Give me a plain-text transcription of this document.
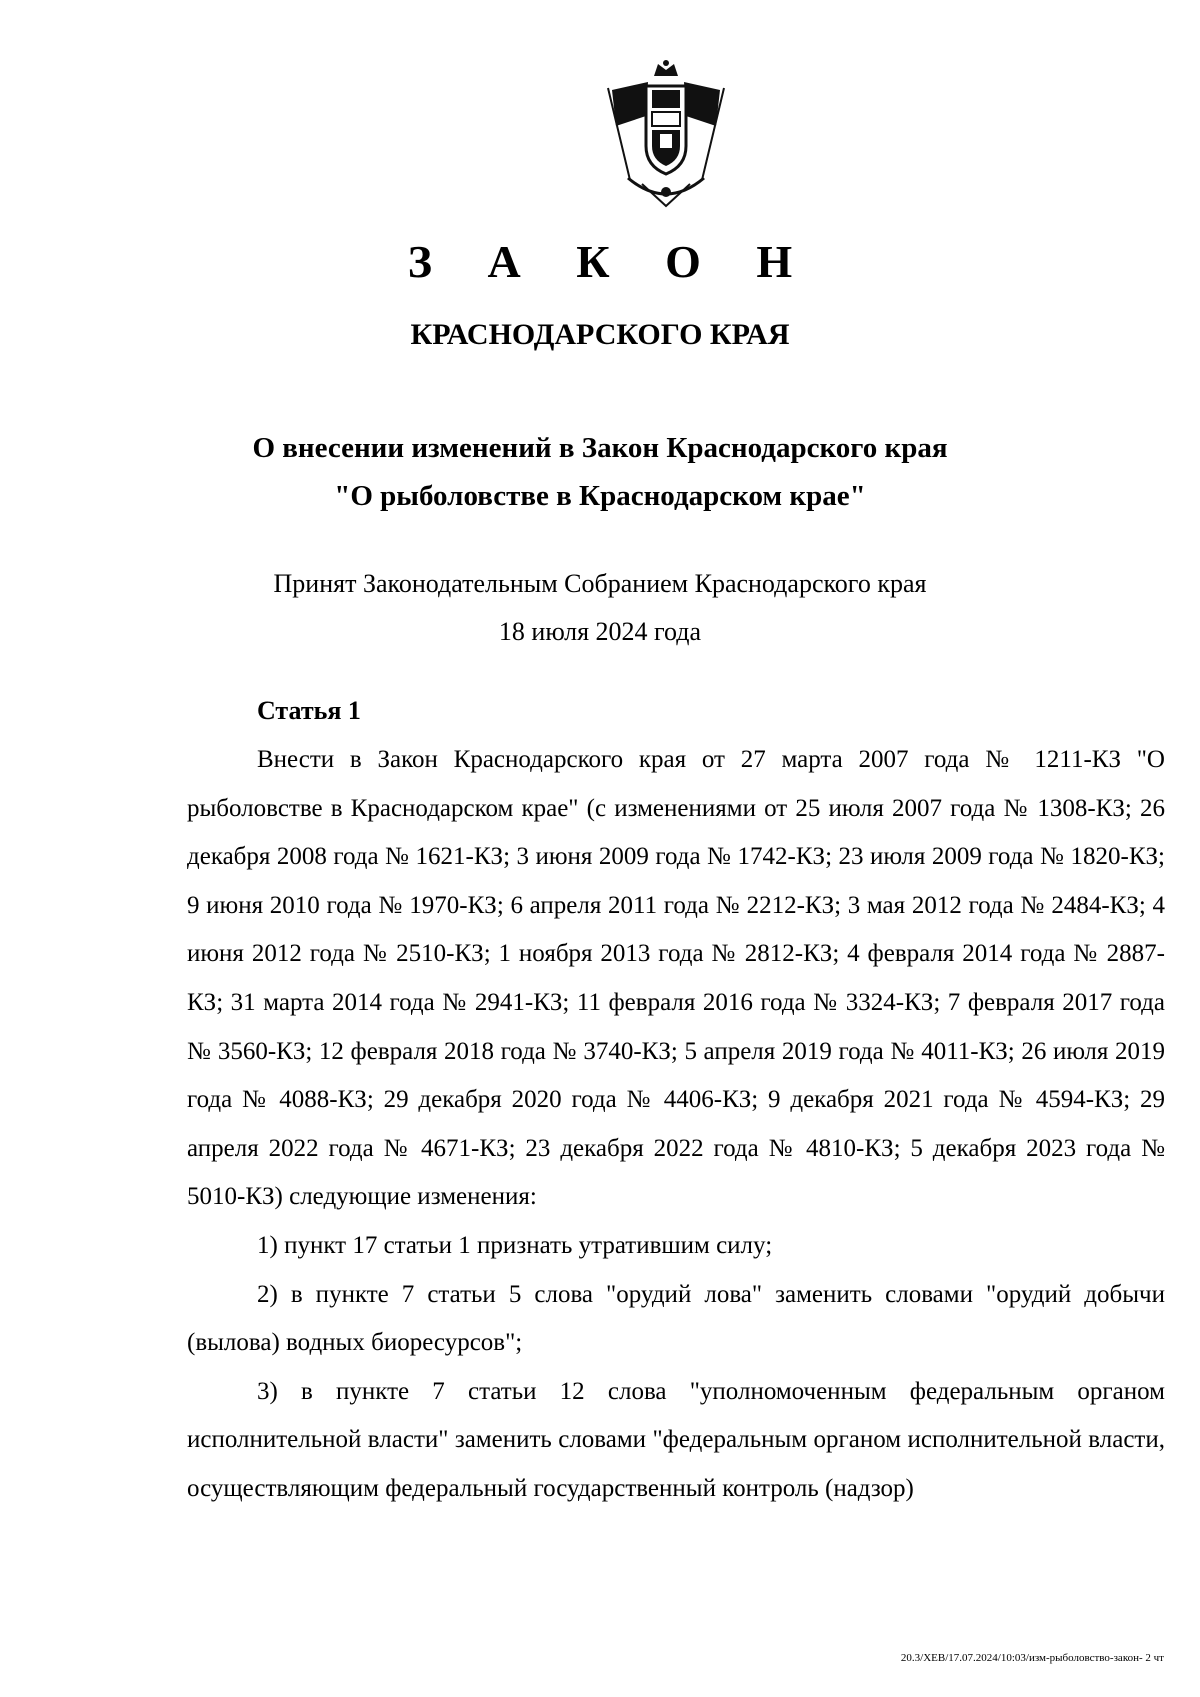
З А К О Н
КРАСНОДАРСКОГО КРАЯ
О внесении изменений в Закон Краснодарского края
"О рыболовстве в Краснодарском крае"
Принят Законодательным Собранием Краснодарского края
18 июля 2024 года
Статья 1

Внести в Закон Краснодарского края от 27 марта 2007 года № 1211-КЗ "О рыболовстве в Краснодарском крае" (с изменениями от 25 июля 2007 года № 1308-КЗ; 26 декабря 2008 года № 1621-КЗ; 3 июня 2009 года № 1742-КЗ; 23 июля 2009 года № 1820-КЗ; 9 июня 2010 года № 1970-КЗ; 6 апреля 2011 года № 2212-КЗ; 3 мая 2012 года № 2484-КЗ; 4 июня 2012 года № 2510-КЗ; 1 ноября 2013 года № 2812-КЗ; 4 февраля 2014 года № 2887-КЗ; 31 марта 2014 года № 2941-КЗ; 11 февраля 2016 года № 3324-КЗ; 7 февраля 2017 года № 3560-КЗ; 12 февраля 2018 года № 3740-КЗ; 5 апреля 2019 года № 4011-КЗ; 26 июля 2019 года № 4088-КЗ; 29 декабря 2020 года № 4406-КЗ; 9 декабря 2021 года № 4594-КЗ; 29 апреля 2022 года № 4671-КЗ; 23 декабря 2022 года № 4810-КЗ; 5 декабря 2023 года № 5010-КЗ) следующие изменения:

1) пункт 17 статьи 1 признать утратившим силу;

2) в пункте 7 статьи 5 слова "орудий лова" заменить словами "орудий добычи (вылова) водных биоресурсов";

3) в пункте 7 статьи 12 слова "уполномоченным федеральным органом исполнительной власти" заменить словами "федеральным органом исполнительной власти, осуществляющим федеральный государственный контроль (надзор)

20.3/ХЕВ/17.07.2024/10:03/изм-рыболовство-закон- 2 чт
